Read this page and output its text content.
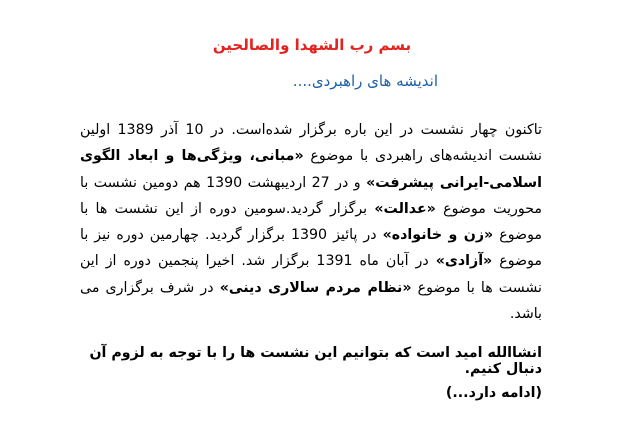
بسم رب الشهدا والصالحین
اندیشه های راهبردی....

تاکنون چهار نشست در این باره برگزار شده‌است. در 10 آذر 1389 اولین نشست اندیشه‌های راهبردی با موضوع «مبانی، ویژگی‌ها و ابعاد الگوی اسلامی-ایرانی پیشرفت» و در 27 اردیبهشت 1390 هم دومین نشست با محوریت موضوع «عدالت» برگزار گردید.سومین دوره از این نشست ها با موضوع «زن و خانواده» در پائیز 1390 برگزار گردید. چهارمین دوره نیز با موضوع «آزادی» در آبان ماه 1391 برگزار شد. اخیرا پنجمین دوره از این نشست ها با موضوع «نظام مردم سالاری دینی» در شرف برگزاری می باشد.

انشاالله امید است که بتوانیم این نشست ها را با توجه به لزوم آن دنبال کنیم.
(ادامه دارد...)
